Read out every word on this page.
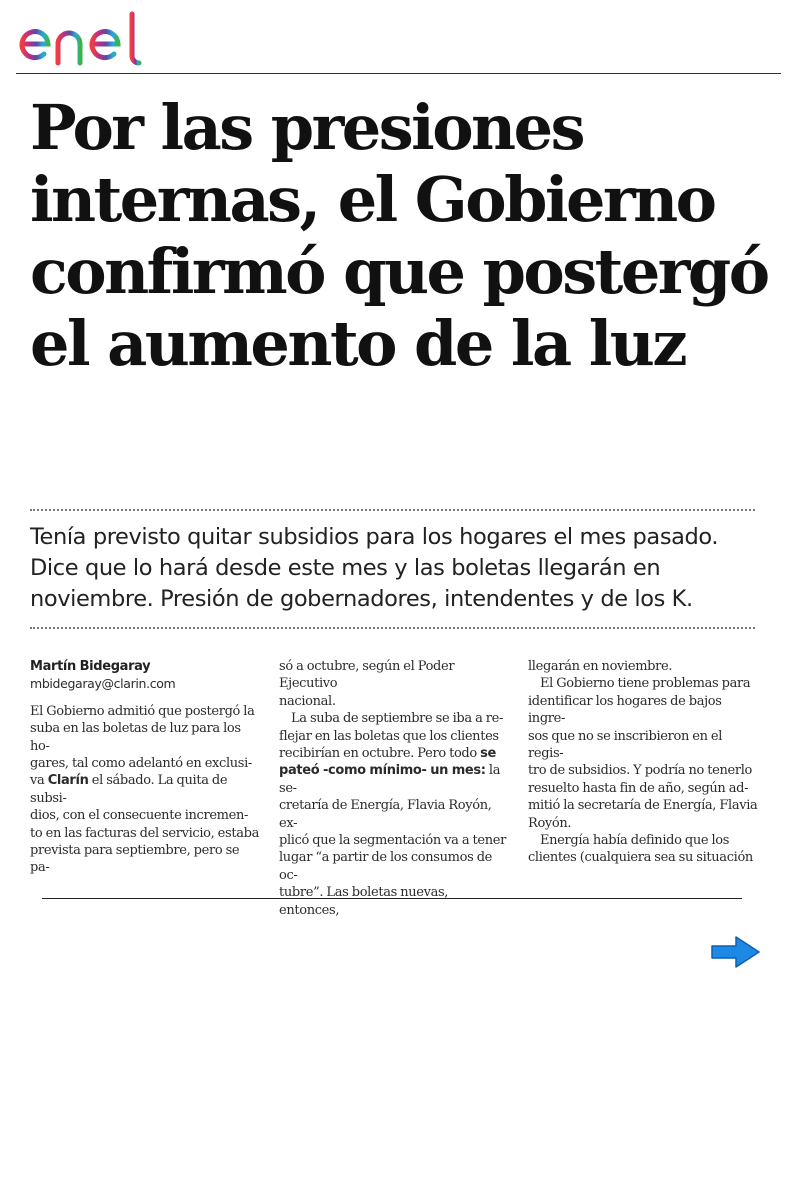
Por las presiones
internas, el Gobierno
confirmó que postergó
el aumento de la luz
Tenía previsto quitar subsidios para los hogares el mes pasado.
Dice que lo hará desde este mes y las boletas llegarán en
noviembre. Presión de gobernadores, intendentes y de los K.
Martín Bidegaray
mbidegaray@clarin.com
El Gobierno admitió que postergó la
suba en las boletas de luz para los ho-
gares, tal como adelantó en exclusi-
va Clarín el sábado. La quita de subsi-
dios, con el consecuente incremen-
to en las facturas del servicio, estaba
prevista para septiembre, pero se pa-
só a octubre, según el Poder Ejecutivo
nacional.
La suba de septiembre se iba a re-
flejar en las boletas que los clientes
recibirían en octubre. Pero todo se
pateó -como mínimo- un mes: la se-
cretaría de Energía, Flavia Royón, ex-
plicó que la segmentación va a tener
lugar “a partir de los consumos de oc-
tubre”. Las boletas nuevas, entonces,
llegarán en noviembre.
El Gobierno tiene problemas para
identificar los hogares de bajos ingre-
sos que no se inscribieron en el regis-
tro de subsidios. Y podría no tenerlo
resuelto hasta fin de año, según ad-
mitió la secretaría de Energía, Flavia
Royón.
Energía había definido que los
clientes (cualquiera sea su situación
